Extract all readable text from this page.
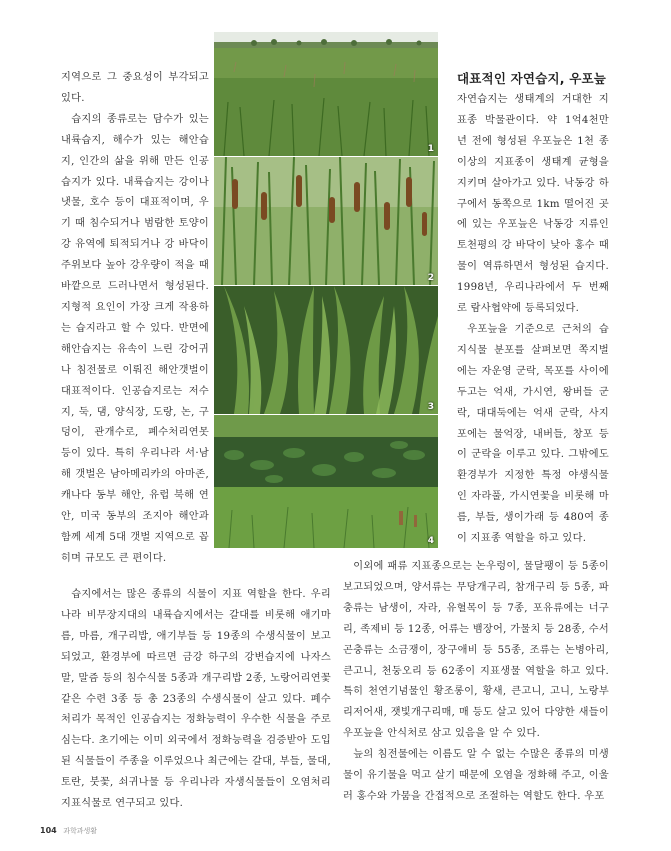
지역으로 그 중요성이 부각되고 있다.

습지의 종류로는 담수가 있는 내륙습지, 해수가 있는 해안습지, 인간의 삶을 위해 만든 인공습지가 있다. 내륙습지는 강이나 냇물, 호수 등이 대표적이며, 우기 때 침수되거나 범람한 토양이 강 유역에 퇴적되거나 강 바닥이 주위보다 높아 강우량이 적을 때 바깥으로 드러나면서 형성된다. 지형적 요인이 가장 크게 작용하는 습지라고 할 수 있다. 반면에 해안습지는 유속이 느린 강어귀나 침전물로 이뤄진 해안갯벌이 대표적이다. 인공습지로는 저수지, 둑, 댐, 양식장, 도랑, 논, 구덩이, 관개수로, 폐수처리연못 등이 있다. 특히 우리나라 서·남해 갯벌은 남아메리카의 아마존, 캐나다 동부 해안, 유럽 북해 연안, 미국 동부의 조지아 해안과 함께 세계 5대 갯벌 지역으로 꼽히며 규모도 큰 편이다.

1
2
3
4
대표적인 자연습지, 우포늪

자연습지는 생태계의 거대한 지표종 박물관이다. 약 1억4천만 년 전에 형성된 우포늪은 1천 종 이상의 지표종이 생태계 균형을 지키며 살아가고 있다. 낙동강 하구에서 동쪽으로 1km 떨어진 곳에 있는 우포늪은 낙동강 지류인 토천평의 강 바닥이 낮아 홍수 때 물이 역류하면서 형성된 습지다. 1998년, 우리나라에서 두 번째로 람사협약에 등록되었다.

우포늪을 기준으로 근처의 습지식물 분포를 살펴보면 쪽지벌에는 자운영 군락, 목포를 사이에 두고는 억새, 가시연, 왕버들 군락, 대대둑에는 억새 군락, 사지포에는 물억장, 내버들, 창포 등이 군락을 이루고 있다. 그밖에도 환경부가 지정한 특정 야생식물인 자라풀, 가시연꽃을 비롯해 마름, 부들, 생이가래 등 480여 종이 지표종 역할을 하고 있다.

습지에서는 많은 종류의 식물이 지표 역할을 한다. 우리나라 비무장지대의 내륙습지에서는 갈대를 비롯해 애기마름, 마름, 개구리밥, 애기부들 등 19종의 수생식물이 보고되었고, 환경부에 따르면 금강 하구의 강변습지에 나자스말, 말즘 등의 침수식물 5종과 개구리밥 2종, 노랑어리연꽃 같은 수련 3종 등 총 23종의 수생식물이 살고 있다. 폐수 처리가 목적인 인공습지는 정화능력이 우수한 식물을 주로 심는다. 초기에는 이미 외국에서 정화능력을 검증받아 도입된 식물들이 주종을 이루었으나 최근에는 갈대, 부들, 물대, 토란, 붓꽃, 쇠귀나물 등 우리나라 자생식물들이 오염처리 지표식물로 연구되고 있다.

이외에 패류 지표종으로는 논우렁이, 물달팽이 등 5종이 보고되었으며, 양서류는 무당개구리, 참개구리 등 5종, 파충류는 남생이, 자라, 유혈목이 등 7종, 포유류에는 너구리, 족제비 등 12종, 어류는 뱀장어, 가물치 등 28종, 수서곤충류는 소금쟁이, 장구애비 등 55종, 조류는 논병아리, 큰고니, 천둥오리 등 62종이 지표생물 역할을 하고 있다. 특히 천연기념물인 황조롱이, 황새, 큰고니, 고니, 노랑부리저어새, 잿빛개구리매, 매 등도 살고 있어 다양한 새들이 우포늪을 안식처로 삼고 있음을 알 수 있다.

늪의 침전물에는 이름도 알 수 없는 수많은 종류의 미생물이 유기물을 먹고 살기 때문에 오염을 정화해 주고, 이울러 홍수와 가뭄을 간접적으로 조절하는 역할도 한다. 우포

104 과학과생활
